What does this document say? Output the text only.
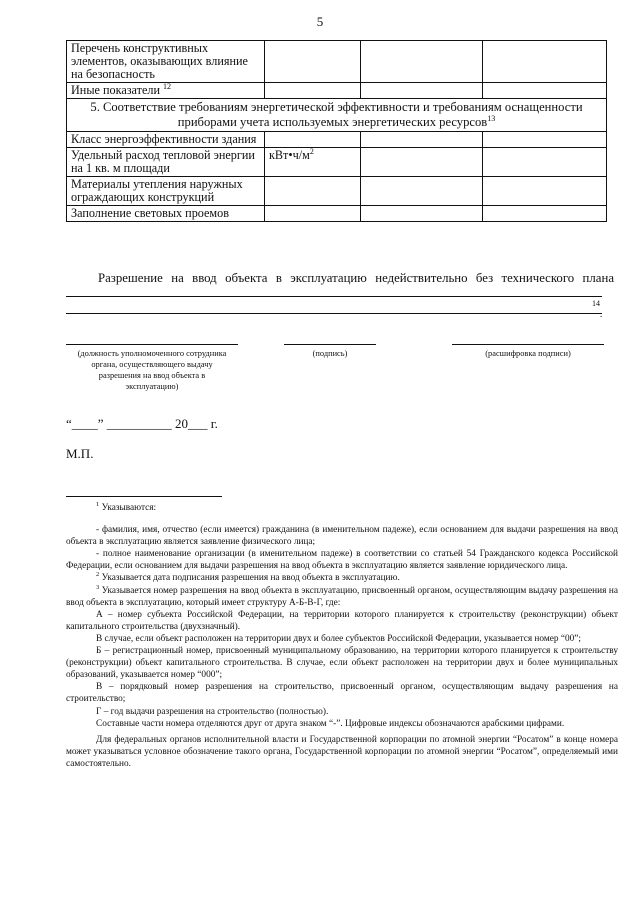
5
Перечень конструктивных элементов, оказывающих влияние на безопасность			
Иные показатели $^{12}$			
5. Соответствие требованиям энергетической эффективности и требованиям оснащенности приборами учета используемых энергетических ресурсов$^{13}$
Класс энергоэффективности здания			
Удельный расход тепловой энергии на 1 кв. м площади	$кВт•ч/м^2$		
Материалы утепления наружных ограждающих конструкций			
Заполнение световых проемов			
Разрешение на ввод объекта в эксплуатацию недействительно без технического плана
14
.
(должность уполномоченного сотрудника органа, осуществляющего выдачу разрешения на ввод объекта в эксплуатацию)
(подпись)	(расшифровка подписи)
“____” __________ 20___ г.
М.П.

$^1$ Указываются:

- фамилия, имя, отчество (если имеется) гражданина (в именительном падеже), если основанием для выдачи разрешения на ввод объекта в эксплуатацию является заявление физического лица;

- полное наименование организации (в именительном падеже) в соответствии со статьей 54 Гражданского кодекса Российской Федерации, если основанием для выдачи разрешения на ввод объекта в эксплуатацию является заявление юридического лица.

$^2$ Указывается дата подписания разрешения на ввод объекта в эксплуатацию.

$^3$ Указывается номер разрешения на ввод объекта в эксплуатацию, присвоенный органом, осуществляющим выдачу разрешения на ввод объекта в эксплуатацию, который имеет структуру А-Б-В-Г, где:

А – номер субъекта Российской Федерации, на территории которого планируется к строительству (реконструкции) объект капитального строительства (двухзначный).

В случае, если объект расположен на территории двух и более субъектов Российской Федерации, указывается номер “00”;

Б – регистрационный номер, присвоенный муниципальному образованию, на территории которого планируется к строительству (реконструкции) объект капитального строительства. В случае, если объект расположен на территории двух и более муниципальных образований, указывается номер “000”;

В – порядковый номер разрешения на строительство, присвоенный органом, осуществляющим выдачу разрешения на строительство;

Г – год выдачи разрешения на строительство (полностью).

Составные части номера отделяются друг от друга знаком “-”. Цифровые индексы обозначаются арабскими цифрами.

Для федеральных органов исполнительной власти и Государственной корпорации по атомной энергии “Росатом” в конце номера может указываться условное обозначение такого органа, Государственной корпорации по атомной энергии “Росатом”, определяемый ими самостоятельно.
